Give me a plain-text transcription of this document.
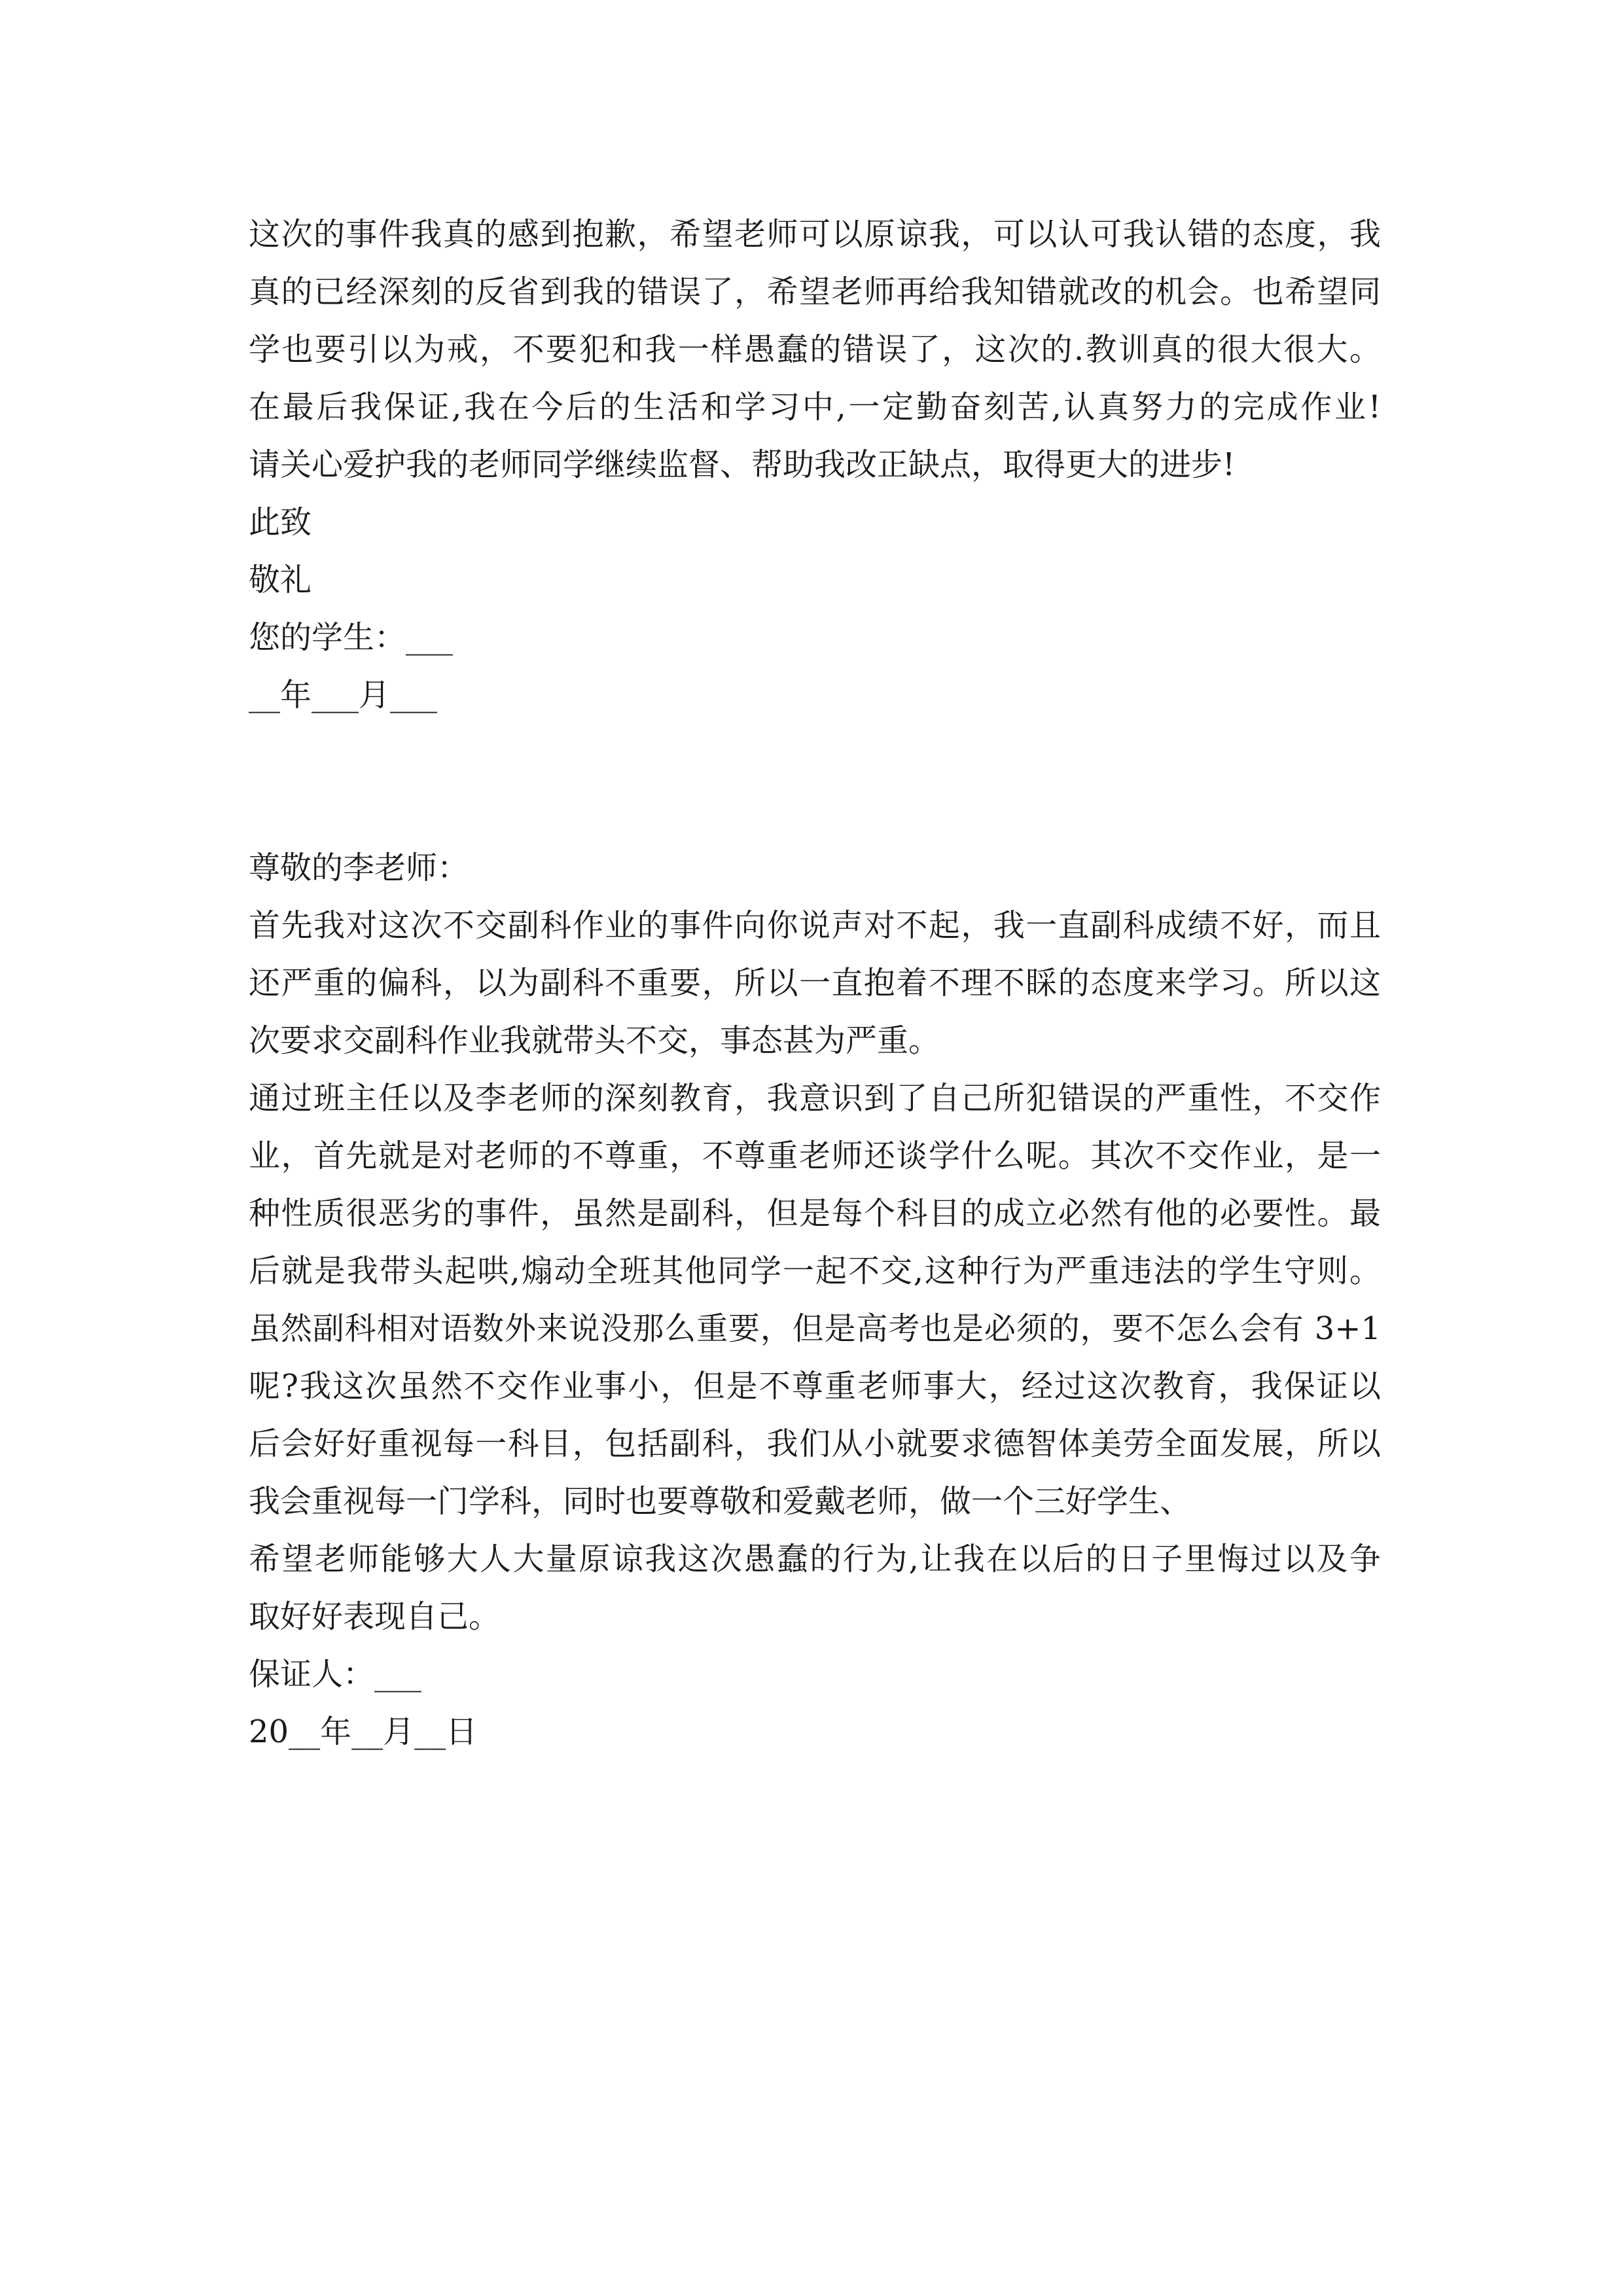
这次的事件我真的感到抱歉，希望老师可以原谅我，可以认可我认错的态度，我
真的已经深刻的反省到我的错误了，希望老师再给我知错就改的机会。也希望同
学也要引以为戒，不要犯和我一样愚蠢的错误了，这次的.教训真的很大很大。
在最后我保证,我在今后的生活和学习中,一定勤奋刻苦,认真努力的完成作业!
请关心爱护我的老师同学继续监督、帮助我改正缺点，取得更大的进步!
此致
敬礼
您的学生：___
__年___月___
尊敬的李老师：
首先我对这次不交副科作业的事件向你说声对不起，我一直副科成绩不好，而且
还严重的偏科，以为副科不重要，所以一直抱着不理不睬的态度来学习。所以这
次要求交副科作业我就带头不交，事态甚为严重。
通过班主任以及李老师的深刻教育，我意识到了自己所犯错误的严重性，不交作
业，首先就是对老师的不尊重，不尊重老师还谈学什么呢。其次不交作业，是一
种性质很恶劣的事件，虽然是副科，但是每个科目的成立必然有他的必要性。最
后就是我带头起哄,煽动全班其他同学一起不交,这种行为严重违法的学生守则。
虽然副科相对语数外来说没那么重要，但是高考也是必须的，要不怎么会有 3+1
呢?我这次虽然不交作业事小，但是不尊重老师事大，经过这次教育，我保证以
后会好好重视每一科目，包括副科，我们从小就要求德智体美劳全面发展，所以
我会重视每一门学科，同时也要尊敬和爱戴老师，做一个三好学生、
希望老师能够大人大量原谅我这次愚蠢的行为,让我在以后的日子里悔过以及争
取好好表现自己。
保证人：___
20__年__月__日
